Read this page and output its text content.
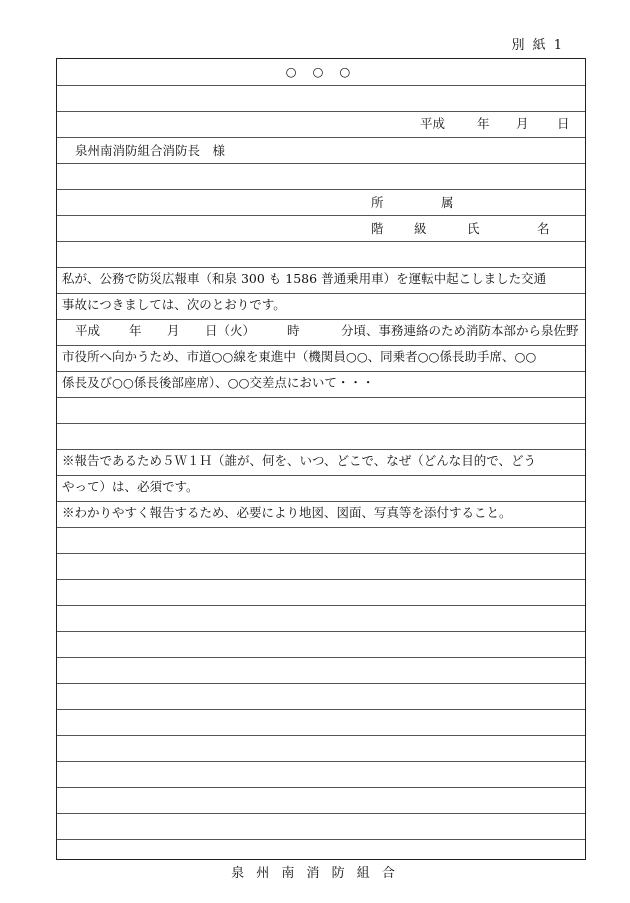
別 紙 1
○ ○ ○
平成	年 月 日
泉州南消防組合消防長　様
所	属
階 級	氏	名
私が、公務で防災広報車（和泉 300 も 1586 普通乗用車）を運転中起こしました交通
事故につきましては、次のとおりです。
平成 年 月 日（火）	時	分頃、事務連絡のため消防本部から泉佐野
市役所へ向かうため、市道○○線を東進中（機関員○○、同乗者○○係長助手席、○○
係長及び○○係長後部座席）、○○交差点において・・・
※報告であるため５Ｗ１Ｈ（誰が、何を、いつ、どこで、なぜ（どんな目的で、どう
やって）は、必須です。
※わかりやすく報告するため、必要により地図、図面、写真等を添付すること。
泉 州 南 消 防 組 合
